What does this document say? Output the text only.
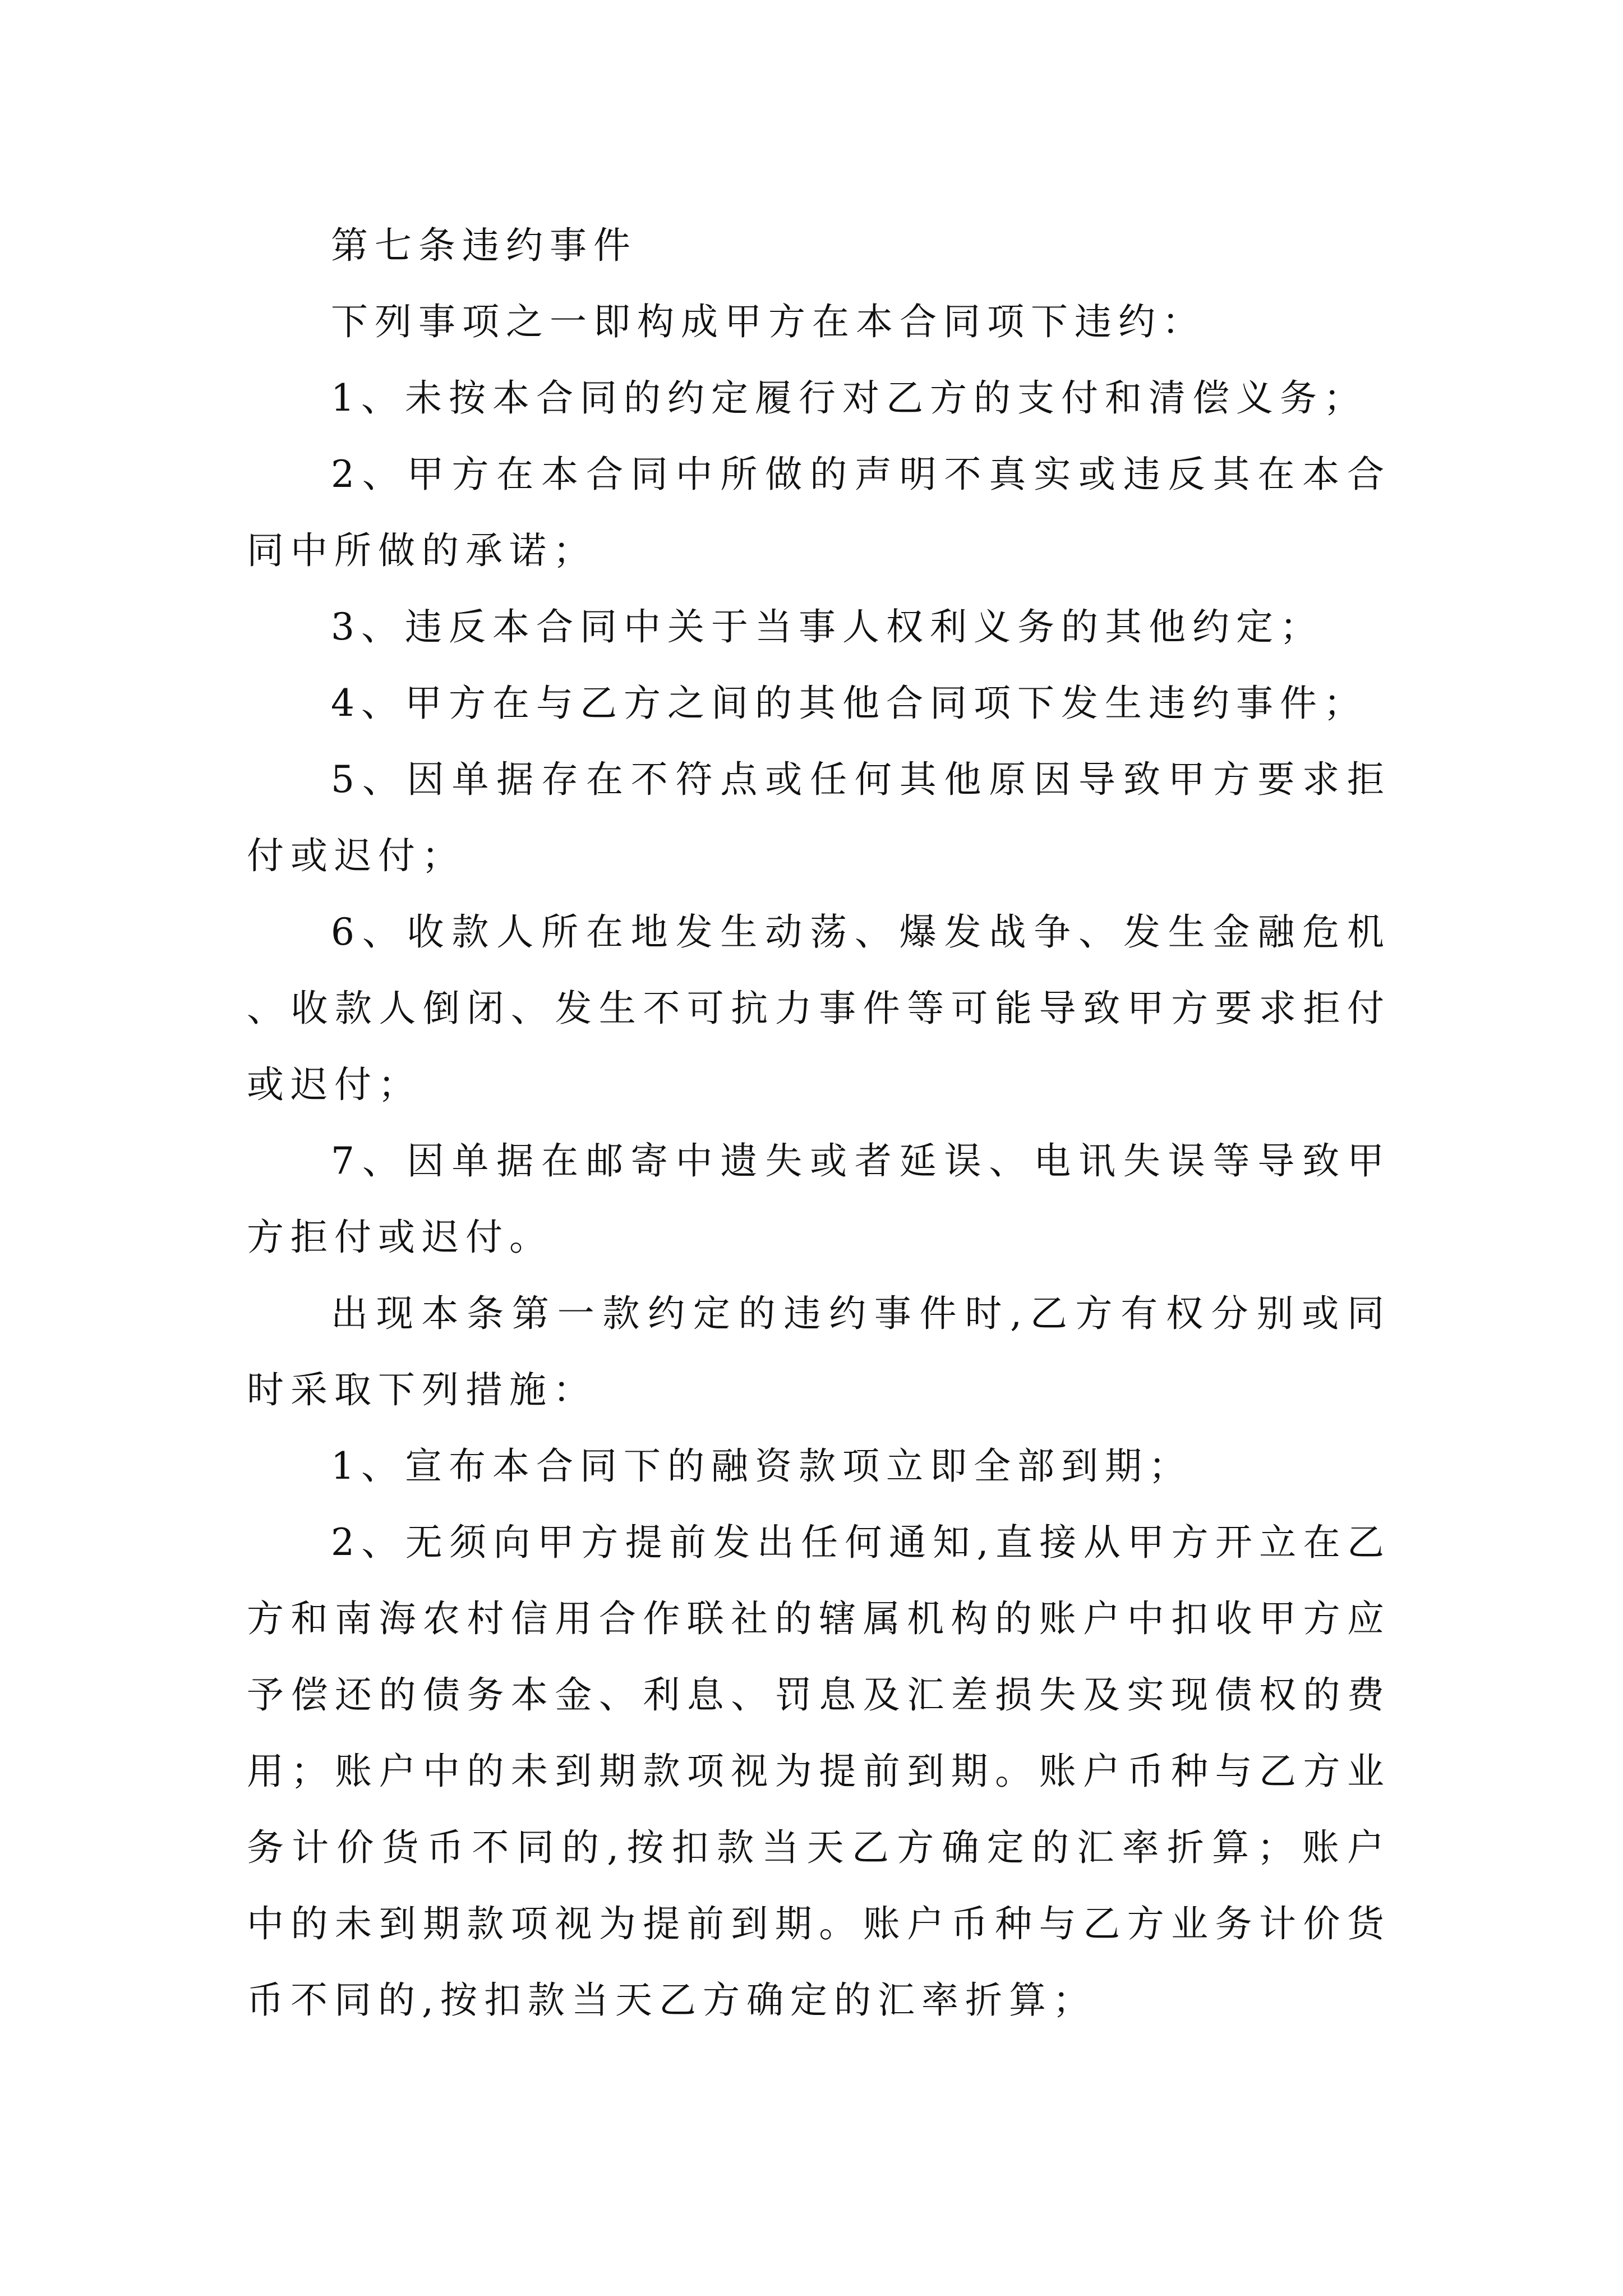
第七条违约事件

下列事项之一即构成甲方在本合同项下违约：

1、未按本合同的约定履行对乙方的支付和清偿义务；

2、甲方在本合同中所做的声明不真实或违反其在本合同中所做的承诺；

3、违反本合同中关于当事人权利义务的其他约定；

4、甲方在与乙方之间的其他合同项下发生违约事件；

5、因单据存在不符点或任何其他原因导致甲方要求拒付或迟付；

6、收款人所在地发生动荡、爆发战争、发生金融危机、收款人倒闭、发生不可抗力事件等可能导致甲方要求拒付或迟付；

7、因单据在邮寄中遗失或者延误、电讯失误等导致甲方拒付或迟付。

出现本条第一款约定的违约事件时,乙方有权分别或同时采取下列措施：

1、宣布本合同下的融资款项立即全部到期；

2、无须向甲方提前发出任何通知,直接从甲方开立在乙方和南海农村信用合作联社的辖属机构的账户中扣收甲方应予偿还的债务本金、利息、罚息及汇差损失及实现债权的费用；账户中的未到期款项视为提前到期。账户币种与乙方业务计价货币不同的,按扣款当天乙方确定的汇率折算；账户中的未到期款项视为提前到期。账户币种与乙方业务计价货币不同的,按扣款当天乙方确定的汇率折算；
